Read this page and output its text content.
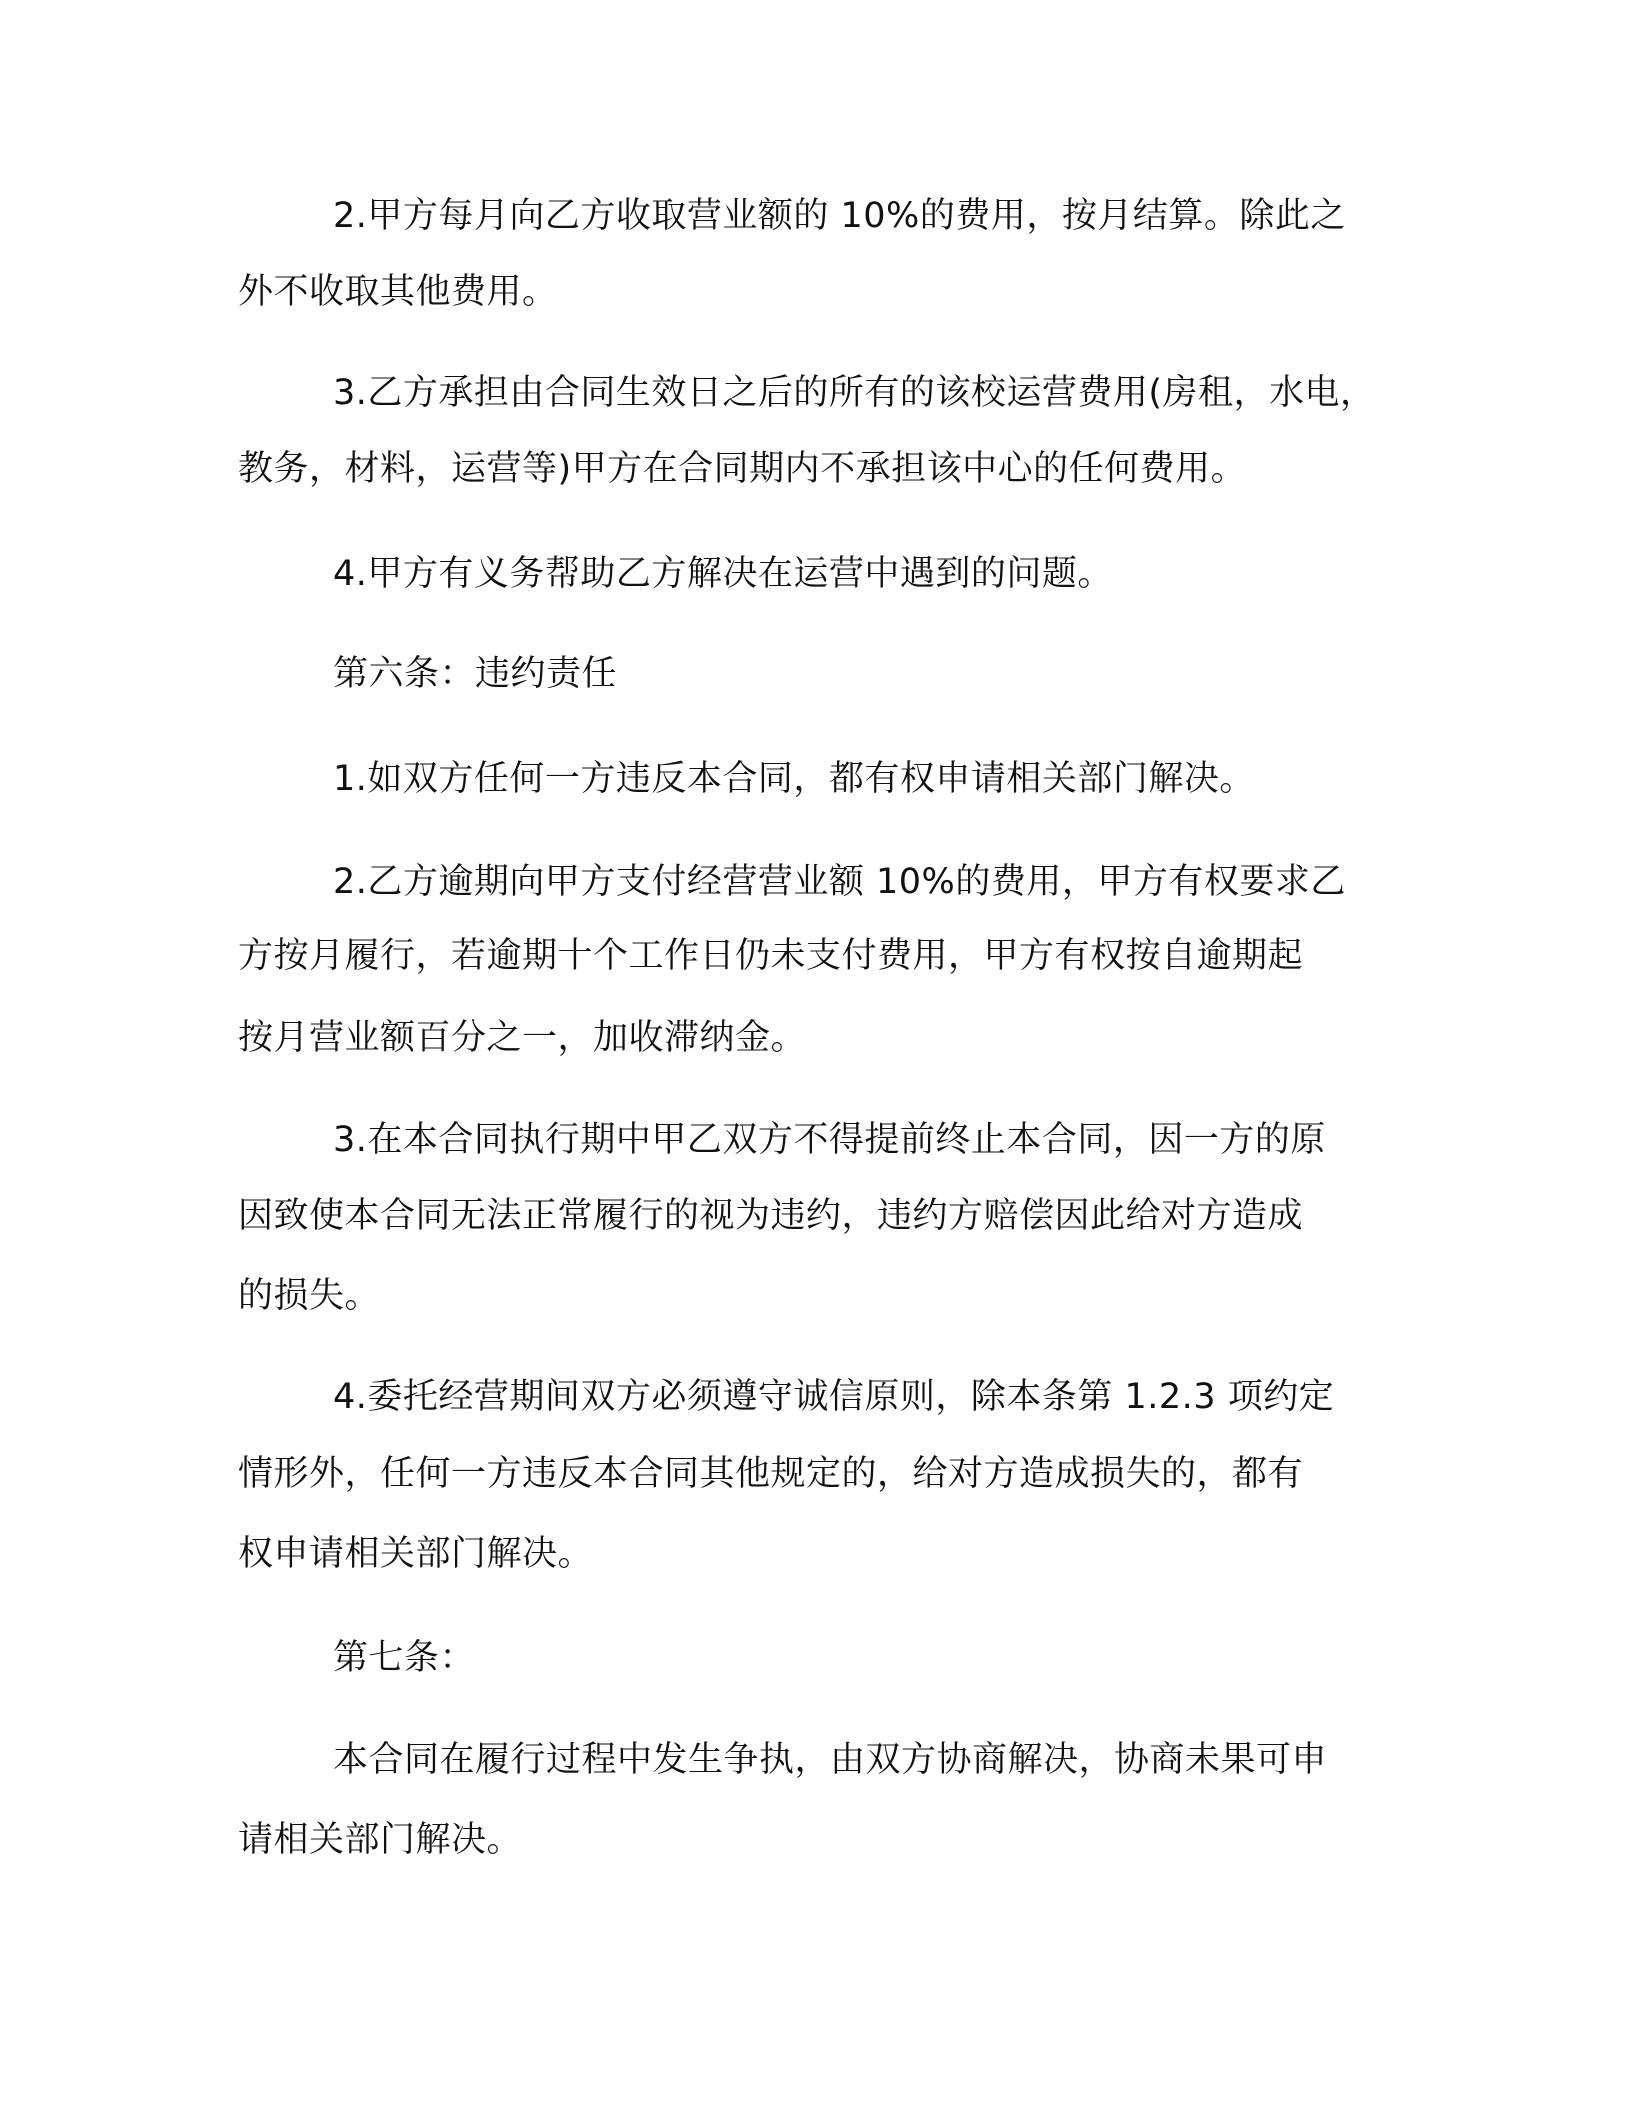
2.甲方每月向乙方收取营业额的 10%的费用，按月结算。除此之
外不收取其他费用。
3.乙方承担由合同生效日之后的所有的该校运营费用(房租，水电，
教务，材料，运营等)甲方在合同期内不承担该中心的任何费用。
4.甲方有义务帮助乙方解决在运营中遇到的问题。
第六条：违约责任
1.如双方任何一方违反本合同，都有权申请相关部门解决。
2.乙方逾期向甲方支付经营营业额 10%的费用，甲方有权要求乙
方按月履行，若逾期十个工作日仍未支付费用，甲方有权按自逾期起
按月营业额百分之一，加收滞纳金。
3.在本合同执行期中甲乙双方不得提前终止本合同，因一方的原
因致使本合同无法正常履行的视为违约，违约方赔偿因此给对方造成
的损失。
4.委托经营期间双方必须遵守诚信原则，除本条第 1.2.3 项约定
情形外，任何一方违反本合同其他规定的，给对方造成损失的，都有
权申请相关部门解决。
第七条：
本合同在履行过程中发生争执，由双方协商解决，协商未果可申
请相关部门解决。
